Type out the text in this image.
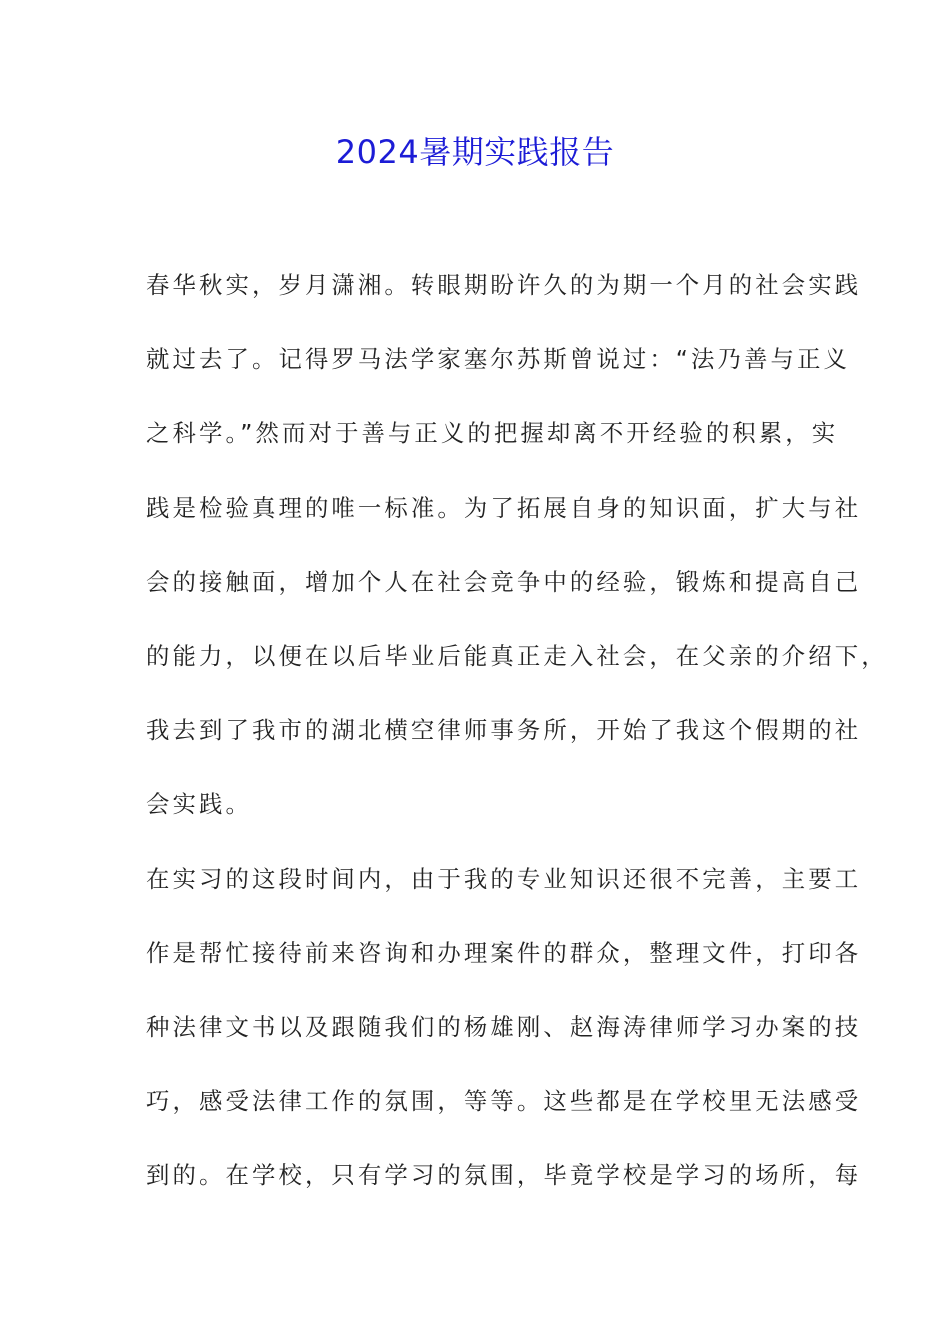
2024暑期实践报告
春华秋实，岁月潇湘。转眼期盼许久的为期一个月的社会实践
就过去了。记得罗马法学家塞尔苏斯曾说过：“法乃善与正义
之科学。”然而对于善与正义的把握却离不开经验的积累，实
践是检验真理的唯一标准。为了拓展自身的知识面，扩大与社
会的接触面，增加个人在社会竞争中的经验，锻炼和提高自己
的能力，以便在以后毕业后能真正走入社会，在父亲的介绍下，
我去到了我市的湖北横空律师事务所，开始了我这个假期的社
会实践。
在实习的这段时间内，由于我的专业知识还很不完善，主要工
作是帮忙接待前来咨询和办理案件的群众，整理文件，打印各
种法律文书以及跟随我们的杨雄刚、赵海涛律师学习办案的技
巧，感受法律工作的氛围，等等。这些都是在学校里无法感受
到的。在学校，只有学习的氛围，毕竟学校是学习的场所，每
